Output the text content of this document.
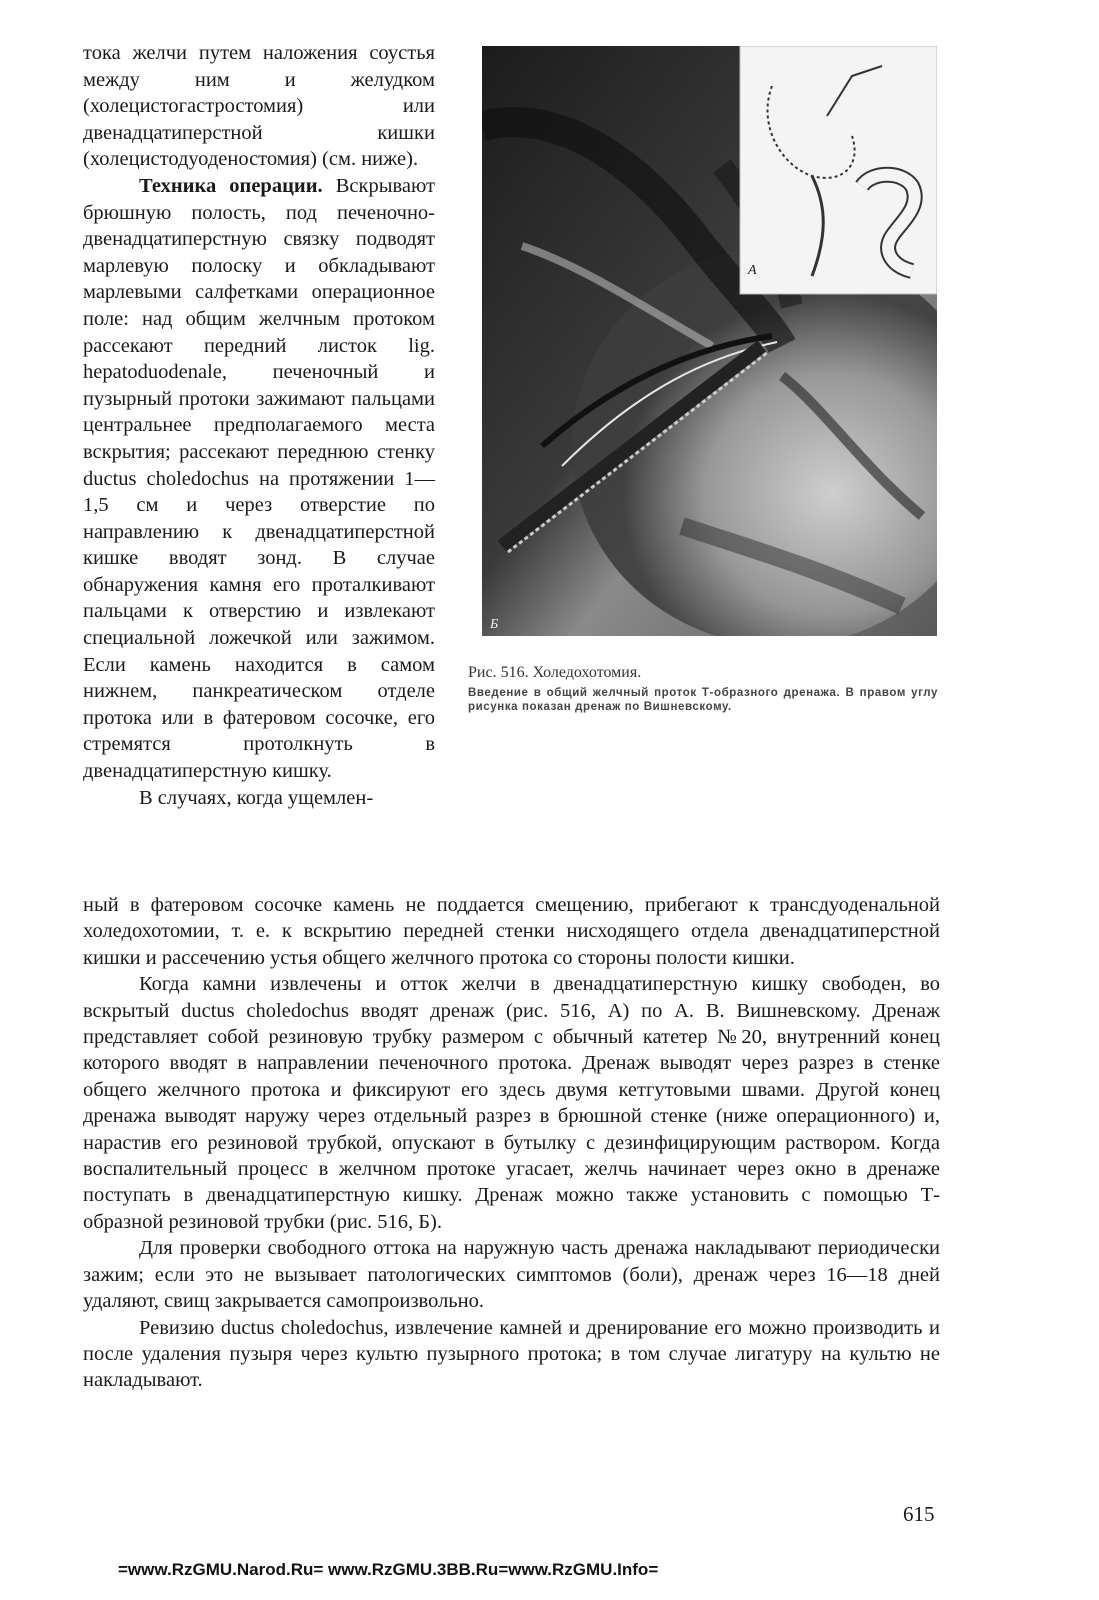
тока желчи путем наложения соустья между ним и желудком (холецистогастростомия) или двенадцатиперстной кишки (холецистодуоденостомия) (см. ниже).

Техника операции. Вскрывают брюшную полость, под печеночно-двенадцатиперстную связку подводят марлевую полоску и обкладывают марлевыми салфетками операционное поле: над общим желчным протоком рассекают передний листок lig. hepatoduodenale, печеночный и пузырный протоки зажимают пальцами центральнее предполагаемого места вскрытия; рассекают переднюю стенку ductus choledochus на протяжении 1—1,5 см и через отверстие по направлению к двенадцатиперстной кишке вводят зонд. В случае обнаружения камня его проталкивают пальцами к отверстию и извлекают специальной ложечкой или зажимом. Если камень находится в самом нижнем, панкреатическом отделе протока или в фатеровом сосочке, его стремятся протолкнуть в двенадцатиперстную кишку.

В случаях, когда ущемлен-

А
Б

Рис. 516. Холедохотомия.

Введение в общий желчный проток Т-образного дренажа. В правом углу рисунка показан дренаж по Вишневскому.

ный в фатеровом сосочке камень не поддается смещению, прибегают к трансдуоденальной холедохотомии, т. е. к вскрытию передней стенки нисходящего отдела двенадцатиперстной кишки и рассечению устья общего желчного протока со стороны полости кишки.

Когда камни извлечены и отток желчи в двенадцатиперстную кишку свободен, во вскрытый ductus choledochus вводят дренаж (рис. 516, А) по А. В. Вишневскому. Дренаж представляет собой резиновую трубку размером с обычный катетер №20, внутренний конец которого вводят в направлении печеночного протока. Дренаж выводят через разрез в стенке общего желчного протока и фиксируют его здесь двумя кетгутовыми швами. Другой конец дренажа выводят наружу через отдельный разрез в брюшной стенке (ниже операционного) и, нарастив его резиновой трубкой, опускают в бутылку с дезинфицирующим раствором. Когда воспалительный процесс в желчном протоке угасает, желчь начинает через окно в дренаже поступать в двенадцатиперстную кишку. Дренаж можно также установить с помощью Т-образной резиновой трубки (рис. 516, Б).

Для проверки свободного оттока на наружную часть дренажа накладывают периодически зажим; если это не вызывает патологических симптомов (боли), дренаж через 16—18 дней удаляют, свищ закрывается самопроизвольно.

Ревизию ductus choledochus, извлечение камней и дренирование его можно производить и после удаления пузыря через культю пузырного протока; в том случае лигатуру на культю не накладывают.

615
=www.RzGMU.Narod.Ru= www.RzGMU.3BB.Ru=www.RzGMU.Info=
